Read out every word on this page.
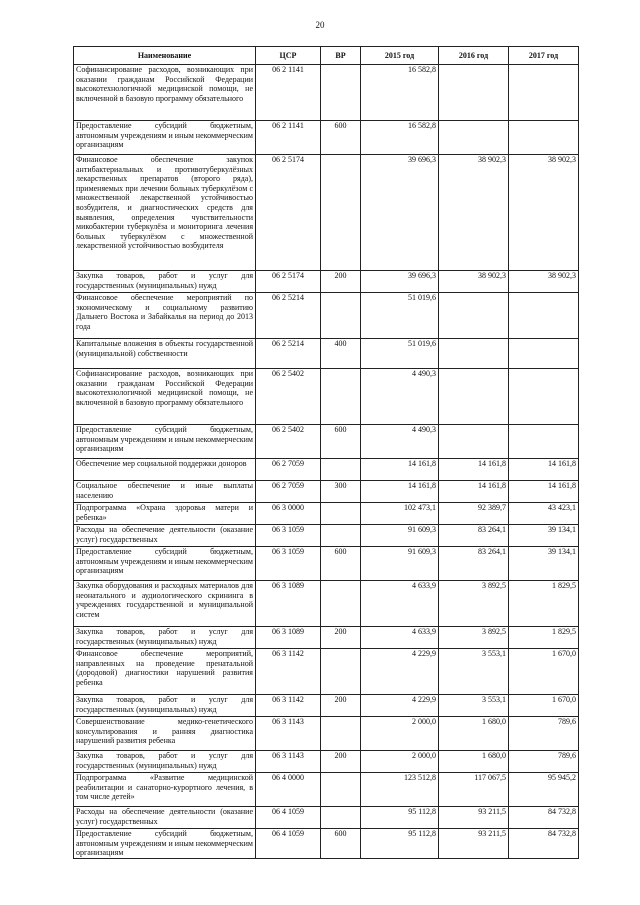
20
Наименование	ЦСР	ВР	2015 год	2016 год	2017 год
Софинансирование расходов, возникающих при оказании гражданам Российской Федерации высокотехнологичной медицинской помощи, не включенной в базовую программу обязательного	06 2 1141		16 582,8		
Предоставление субсидий бюджетным, автономным учреждениям и иным некоммерческим организациям	06 2 1141	600	16 582,8		
Финансовое обеспечение закупок антибактериальных и противотуберкулёзных лекарственных препаратов (второго ряда), применяемых при лечении больных туберкулёзом с множественной лекарственной устойчивостью возбудителя, и диагностических средств для выявления, определения чувствительности микобактерии туберкулёза и мониторинга лечения больных туберкулёзом с множественной лекарственной устойчивостью возбудителя	06 2 5174		39 696,3	38 902,3	38 902,3
Закупка товаров, работ и услуг для государственных (муниципальных) нужд	06 2 5174	200	39 696,3	38 902,3	38 902,3
Финансовое обеспечение мероприятий по экономическому и социальному развитию Дальнего Востока и Забайкалья на период до 2013 года	06 2 5214		51 019,6		
Капитальные вложения в объекты государственной (муниципальной) собственности	06 2 5214	400	51 019,6		
Софинансирование расходов, возникающих при оказании гражданам Российской Федерации высокотехнологичной медицинской помощи, не включенной в базовую программу обязательного	06 2 5402		4 490,3		
Предоставление субсидий бюджетным, автономным учреждениям и иным некоммерческим организациям	06 2 5402	600	4 490,3		
Обеспечение мер социальной поддержки доноров	06 2 7059		14 161,8	14 161,8	14 161,8
Социальное обеспечение и иные выплаты населению	06 2 7059	300	14 161,8	14 161,8	14 161,8
Подпрограмма «Охрана здоровья матери и ребенка»	06 3 0000		102 473,1	92 389,7	43 423,1
Расходы на обеспечение деятельности (оказание услуг) государственных	06 3 1059		91 609,3	83 264,1	39 134,1
Предоставление субсидий бюджетным, автономным учреждениям и иным некоммерческим организациям	06 3 1059	600	91 609,3	83 264,1	39 134,1
Закупка оборудования и расходных материалов для неонатального и аудиологического скрининга в учреждениях государственной и муниципальной систем	06 3 1089		4 633,9	3 892,5	1 829,5
Закупка товаров, работ и услуг для государственных (муниципальных) нужд	06 3 1089	200	4 633,9	3 892,5	1 829,5
Финансовое обеспечение мероприятий, направленных на проведение пренатальной (дородовой) диагностики нарушений развития ребенка	06 3 1142		4 229,9	3 553,1	1 670,0
Закупка товаров, работ и услуг для государственных (муниципальных) нужд	06 3 1142	200	4 229,9	3 553,1	1 670,0
Совершенствование медико-генетического консультирования и ранняя диагностика нарушений развития ребенка	06 3 1143		2 000,0	1 680,0	789,6
Закупка товаров, работ и услуг для государственных (муниципальных) нужд	06 3 1143	200	2 000,0	1 680,0	789,6
Подпрограмма «Развитие медицинской реабилитации и санаторно-курортного лечения, в том числе детей»	06 4 0000		123 512,8	117 067,5	95 945,2
Расходы на обеспечение деятельности (оказание услуг) государственных	06 4 1059		95 112,8	93 211,5	84 732,8
Предоставление субсидий бюджетным, автономным учреждениям и иным некоммерческим организациям	06 4 1059	600	95 112,8	93 211,5	84 732,8
